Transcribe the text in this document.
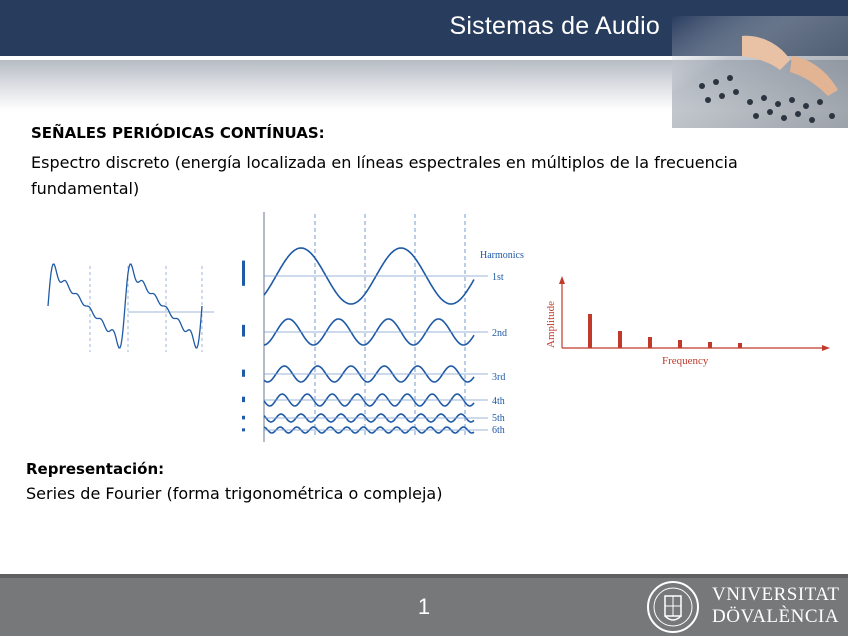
Sistemas de Audio
SEÑALES PERIÓDICAS CONTÍNUAS:
Espectro discreto (energía localizada en líneas espectrales en múltiplos de la frecuencia fundamental)
Harmonics
1st
2nd
3rd
4th
5th
6th
Amplitude
Frequency
Representación:
Series de Fourier (forma trigonométrica o compleja)
1	VNIVERSITAT
DÖVALÈNCIA
